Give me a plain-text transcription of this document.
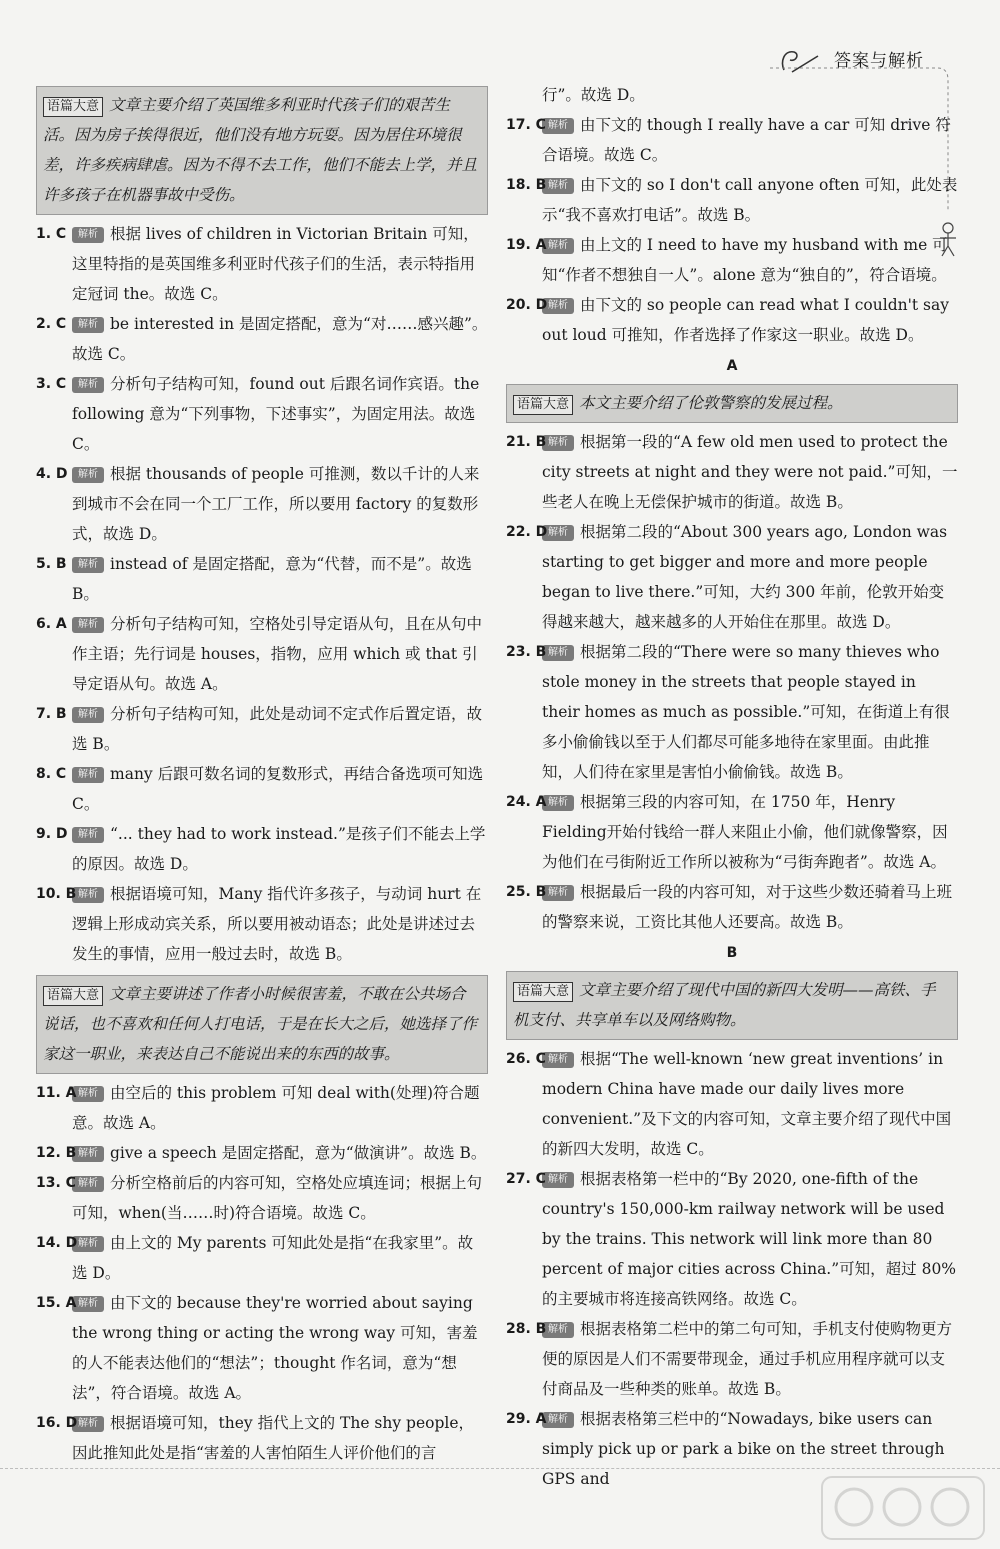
答案与解析
语篇大意 文章主要介绍了英国维多利亚时代孩子们的艰苦生活。因为房子挨得很近，他们没有地方玩耍。因为居住环境很差，许多疾病肆虐。因为不得不去工作，他们不能去上学，并且许多孩子在机器事故中受伤。
1. C 解析 根据 lives of children in Victorian Britain 可知，这里特指的是英国维多利亚时代孩子们的生活，表示特指用定冠词 the。故选 C。
2. C 解析 be interested in 是固定搭配，意为“对……感兴趣”。故选 C。
3. C 解析 分析句子结构可知，found out 后跟名词作宾语。the following 意为“下列事物，下述事实”，为固定用法。故选 C。
4. D 解析 根据 thousands of people 可推测，数以千计的人来到城市不会在同一个工厂工作，所以要用 factory 的复数形式，故选 D。
5. B 解析 instead of 是固定搭配，意为“代替，而不是”。故选 B。
6. A 解析 分析句子结构可知，空格处引导定语从句，且在从句中作主语；先行词是 houses，指物，应用 which 或 that 引导定语从句。故选 A。
7. B 解析 分析句子结构可知，此处是动词不定式作后置定语，故选 B。
8. C 解析 many 后跟可数名词的复数形式，再结合备选项可知选 C。
9. D 解析 “... they had to work instead.”是孩子们不能去上学的原因。故选 D。
10. B 解析 根据语境可知，Many 指代许多孩子，与动词 hurt 在逻辑上形成动宾关系，所以要用被动语态；此处是讲述过去发生的事情，应用一般过去时，故选 B。
语篇大意 文章主要讲述了作者小时候很害羞，不敢在公共场合说话，也不喜欢和任何人打电话，于是在长大之后，她选择了作家这一职业，来表达自己不能说出来的东西的故事。
11. A 解析 由空后的 this problem 可知 deal with(处理)符合题意。故选 A。
12. B 解析 give a speech 是固定搭配，意为“做演讲”。故选 B。
13. C 解析 分析空格前后的内容可知，空格处应填连词；根据上句可知，when(当……时)符合语境。故选 C。
14. D 解析 由上文的 My parents 可知此处是指“在我家里”。故选 D。
15. A 解析 由下文的 because they're worried about saying the wrong thing or acting the wrong way 可知，害羞的人不能表达他们的“想法”；thought 作名词，意为“想法”，符合语境。故选 A。
16. D 解析 根据语境可知，they 指代上文的 The shy people，因此推知此处是指“害羞的人害怕陌生人评价他们的言
行”。故选 D。
17. C 解析 由下文的 though I really have a car 可知 drive 符合语境。故选 C。
18. B 解析 由下文的 so I don't call anyone often 可知，此处表示“我不喜欢打电话”。故选 B。
19. A 解析 由上文的 I need to have my husband with me 可知“作者不想独自一人”。alone 意为“独自的”，符合语境。
20. D 解析 由下文的 so people can read what I couldn't say out loud 可推知，作者选择了作家这一职业。故选 D。
A
语篇大意 本文主要介绍了伦敦警察的发展过程。
21. B 解析 根据第一段的“A few old men used to protect the city streets at night and they were not paid.”可知，一些老人在晚上无偿保护城市的街道。故选 B。
22. D 解析 根据第二段的“About 300 years ago, London was starting to get bigger and more and more people began to live there.”可知，大约 300 年前，伦敦开始变得越来越大，越来越多的人开始住在那里。故选 D。
23. B 解析 根据第二段的“There were so many thieves who stole money in the streets that people stayed in their homes as much as possible.”可知，在街道上有很多小偷偷钱以至于人们都尽可能多地待在家里面。由此推知，人们待在家里是害怕小偷偷钱。故选 B。
24. A 解析 根据第三段的内容可知，在 1750 年，Henry Fielding开始付钱给一群人来阻止小偷，他们就像警察，因为他们在弓街附近工作所以被称为“弓街奔跑者”。故选 A。
25. B 解析 根据最后一段的内容可知，对于这些少数还骑着马上班的警察来说，工资比其他人还要高。故选 B。
B
语篇大意 文章主要介绍了现代中国的新四大发明——高铁、手机支付、共享单车以及网络购物。
26. C 解析 根据“The well-known ‘new great inventions’ in modern China have made our daily lives more convenient.”及下文的内容可知，文章主要介绍了现代中国的新四大发明，故选 C。
27. C 解析 根据表格第一栏中的“By 2020, one-fifth of the country's 150,000-km railway network will be used by the trains. This network will link more than 80 percent of major cities across China.”可知，超过 80% 的主要城市将连接高铁网络。故选 C。
28. B 解析 根据表格第二栏中的第二句可知，手机支付使购物更方便的原因是人们不需要带现金，通过手机应用程序就可以支付商品及一些种类的账单。故选 B。
29. A 解析 根据表格第三栏中的“Nowadays, bike users can simply pick up or park a bike on the street through GPS and
